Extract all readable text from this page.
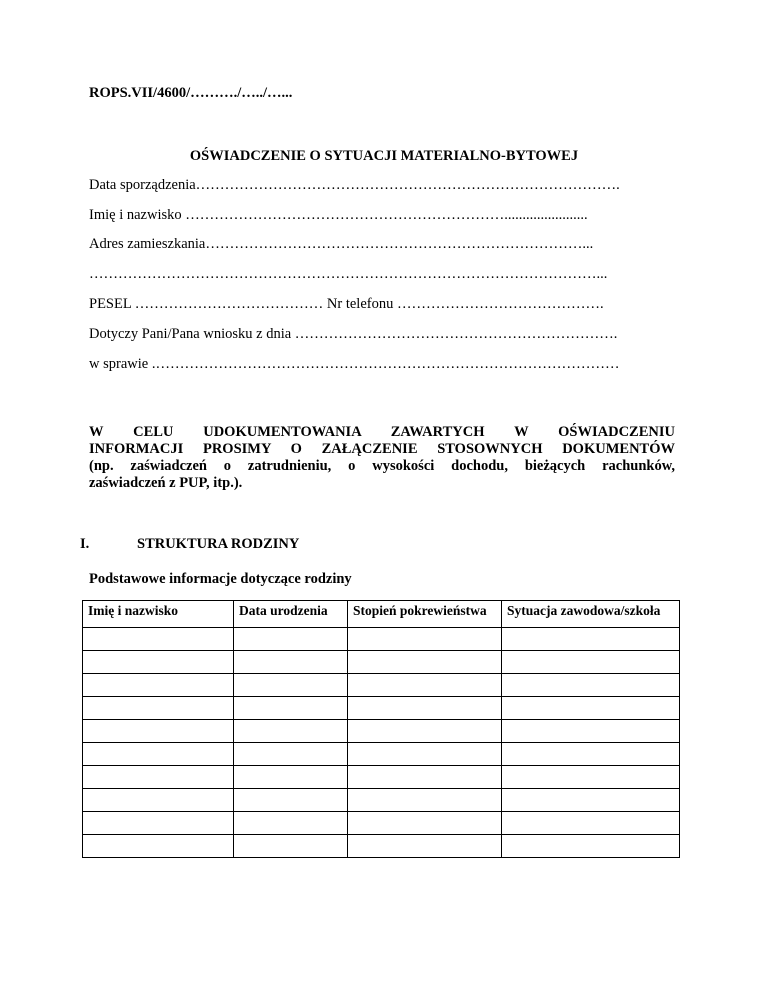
ROPS.VII/4600/………./…../…...
OŚWIADCZENIE O SYTUACJI MATERIALNO-BYTOWEJ
Data sporządzenia…………………………………………………………………………….
Imię i nazwisko ………………………………………………………….......................
Adres zamieszkania……………………………………………………………………...
……………………………………………………………………………………………...
PESEL ………………………………… Nr telefonu …………………………………….
Dotyczy Pani/Pana wniosku z dnia ………………………………………………………….
w sprawie .……………………………………………………………………………………

W CELU UDOKUMENTOWANIA ZAWARTYCH W OŚWIADCZENIU

INFORMACJI PROSIMY O ZAŁĄCZENIE STOSOWNYCH DOKUMENTÓW

(np. zaświadczeń o zatrudnieniu, o wysokości dochodu, bieżących rachunków,

zaświadczeń z PUP, itp.).

I.	STRUKTURA RODZINY
Podstawowe informacje dotyczące rodziny
Imię i nazwisko	Data urodzenia	Stopień pokrewieństwa	Sytuacja zawodowa/szkoła
